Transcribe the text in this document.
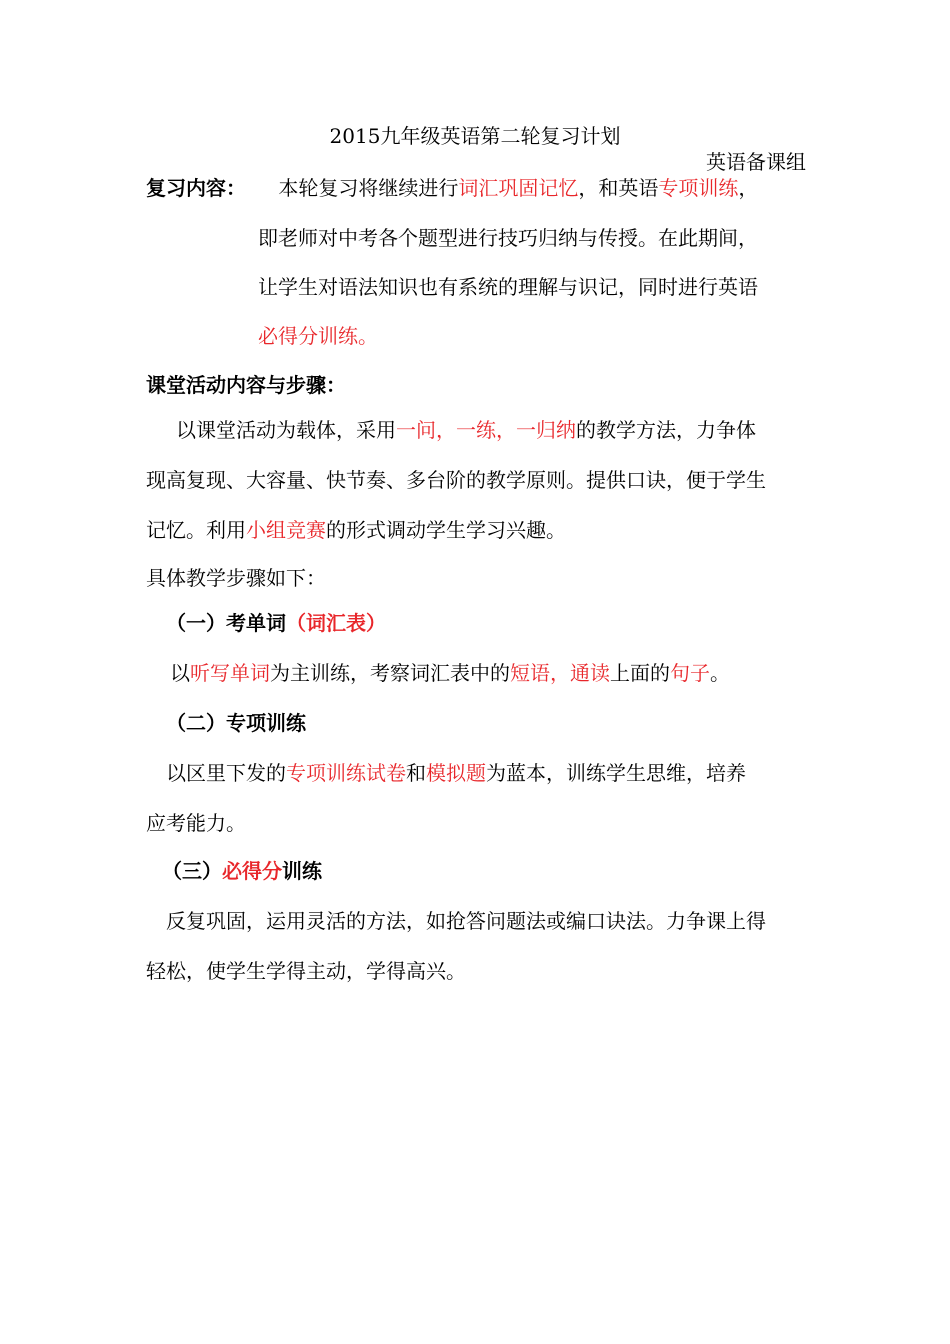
2015九年级英语第二轮复习计划
英语备课组
复习内容： 本轮复习将继续进行词汇巩固记忆，和英语专项训练，
即老师对中考各个题型进行技巧归纳与传授。在此期间，
让学生对语法知识也有系统的理解与识记，同时进行英语
必得分训练。
课堂活动内容与步骤：
以课堂活动为载体，采用一问，一练，一归纳的教学方法，力争体
现高复现、大容量、快节奏、多台阶的教学原则。提供口诀，便于学生
记忆。利用小组竞赛的形式调动学生学习兴趣。
具体教学步骤如下：
（一）考单词（词汇表）
以听写单词为主训练，考察词汇表中的短语，通读上面的句子。
（二）专项训练
以区里下发的专项训练试卷和模拟题为蓝本，训练学生思维，培养
应考能力。
（三）必得分训练
反复巩固，运用灵活的方法，如抢答问题法或编口诀法。力争课上得
轻松，使学生学得主动，学得高兴。
